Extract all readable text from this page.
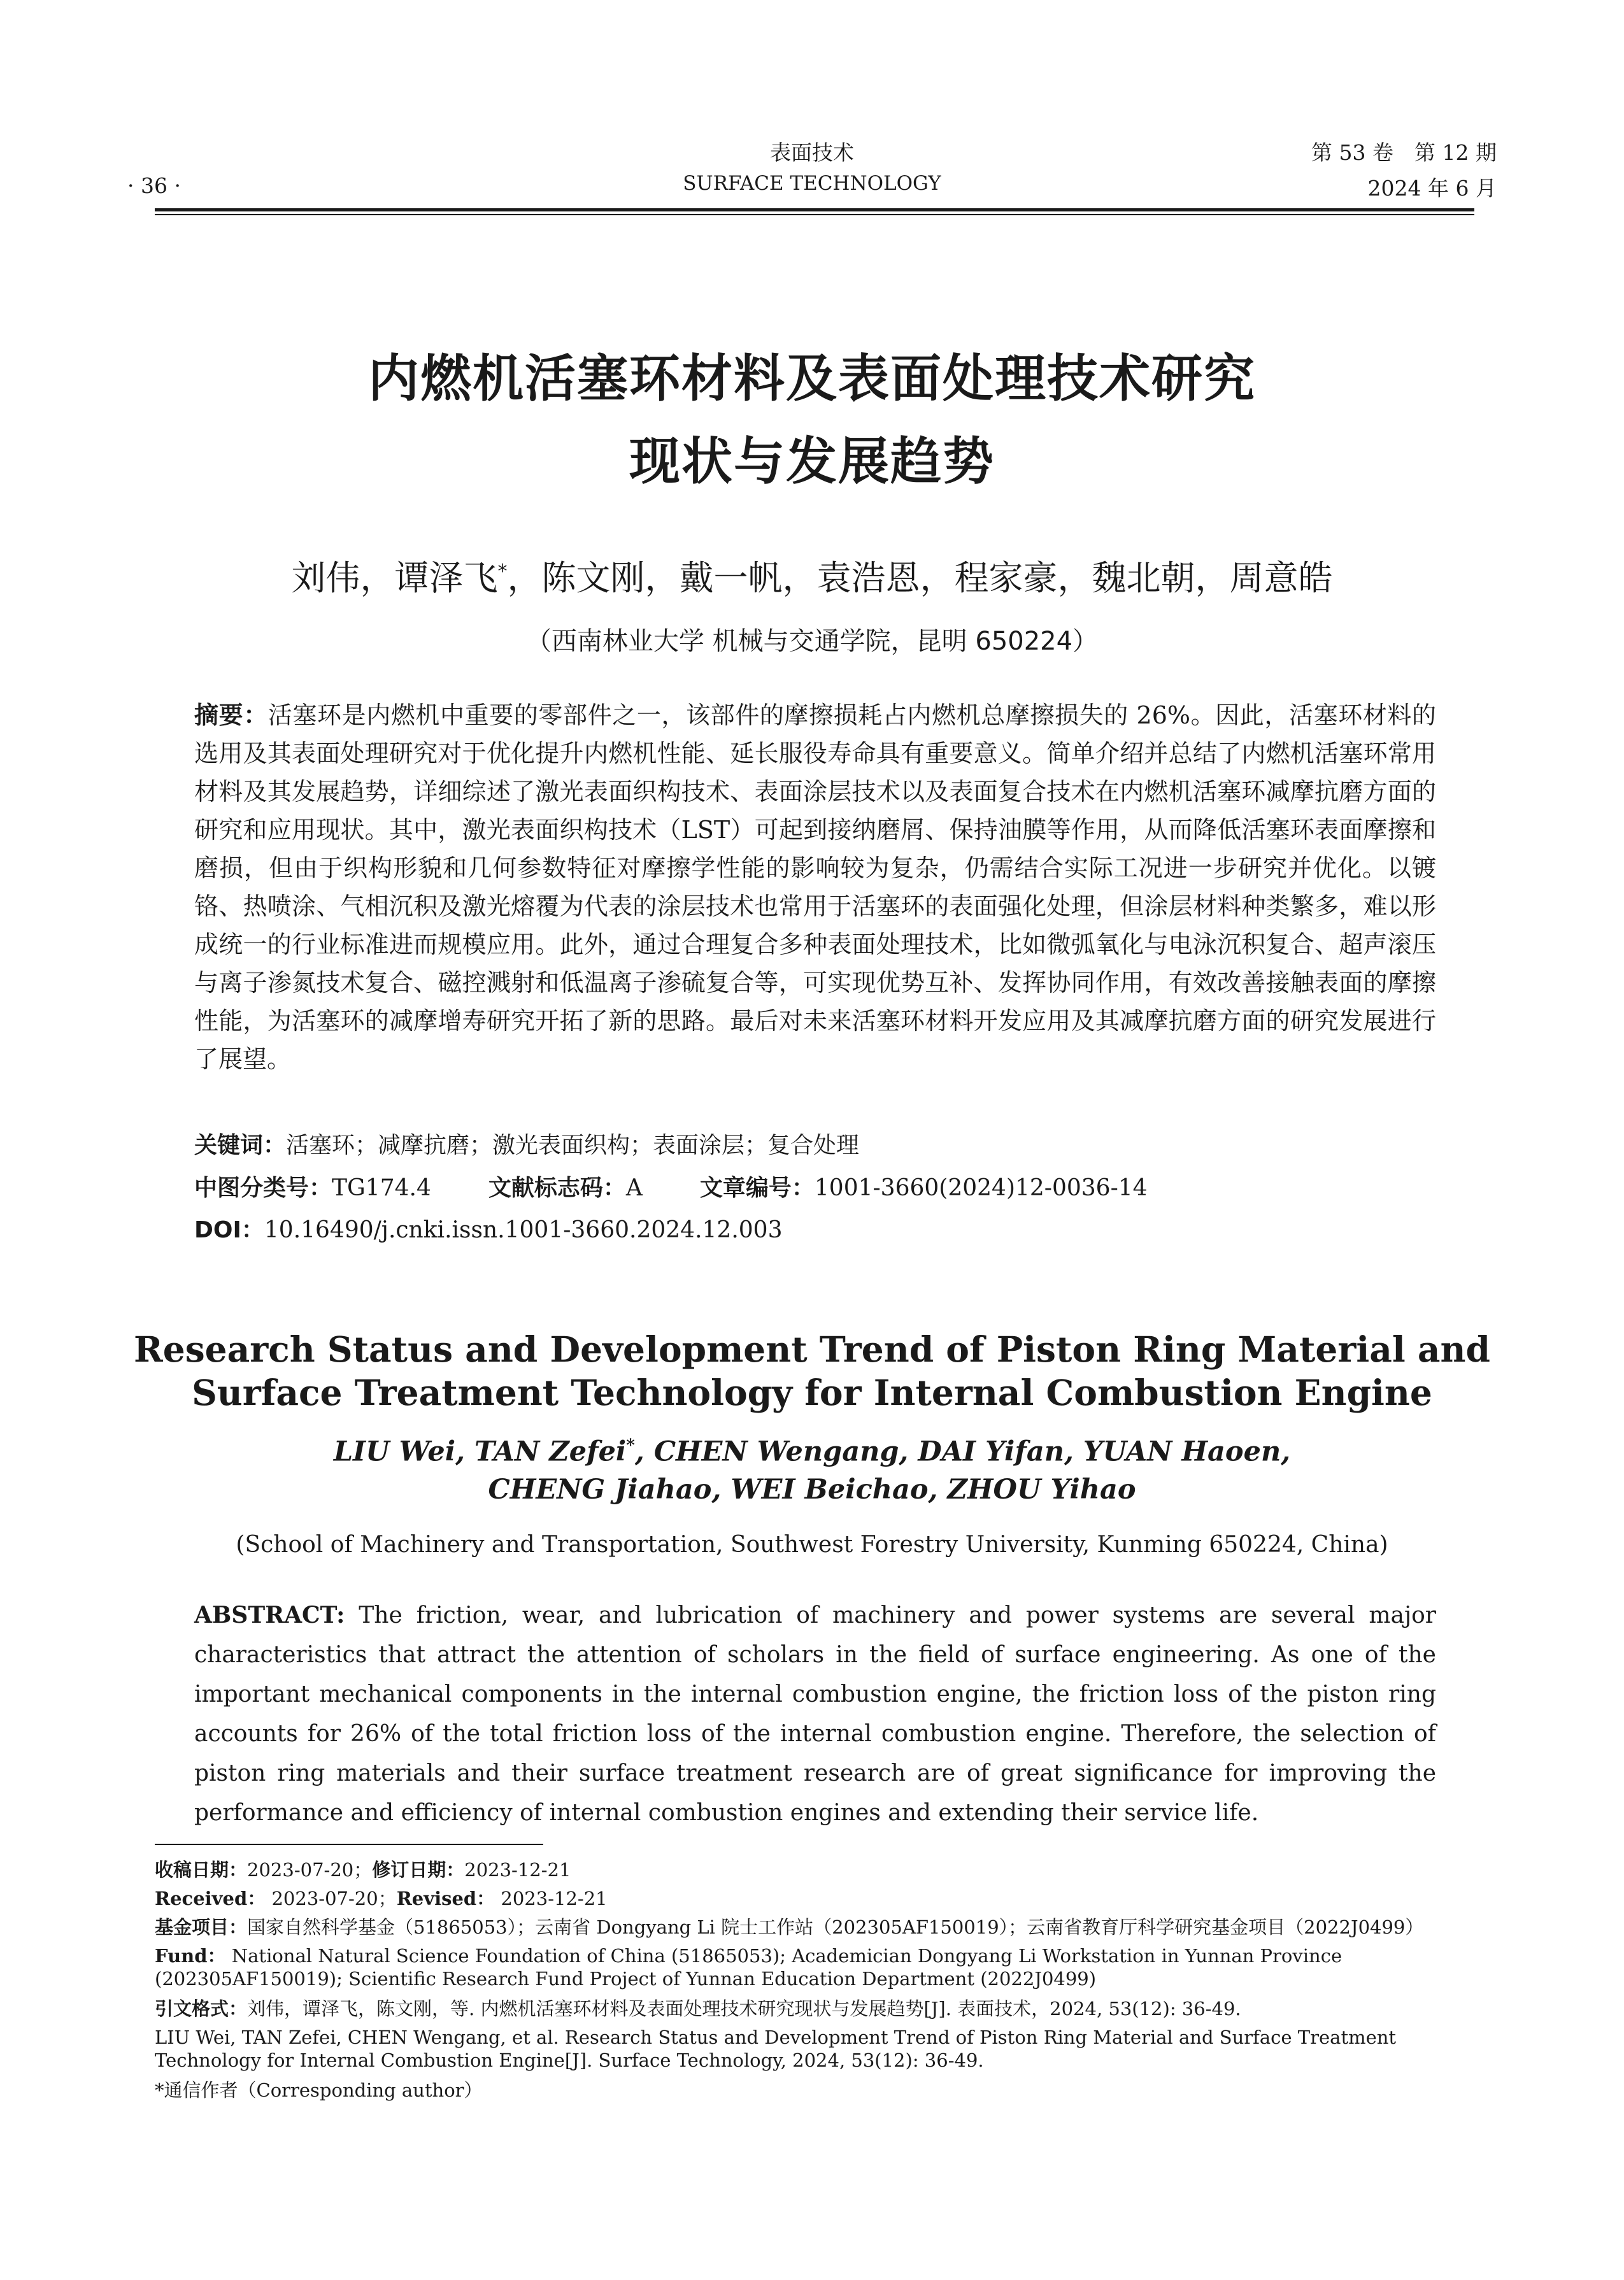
表面技术
SURFACE TECHNOLOGY
· 36 ·
第 53 卷　第 12 期
2024 年 6 月
内燃机活塞环材料及表面处理技术研究
现状与发展趋势
刘伟，谭泽飞*，陈文刚，戴一帆，袁浩恩，程家豪，魏北朝，周意皓
（西南林业大学 机械与交通学院，昆明 650224）
摘要：活塞环是内燃机中重要的零部件之一，该部件的摩擦损耗占内燃机总摩擦损失的 26%。因此，活塞环材料的选用及其表面处理研究对于优化提升内燃机性能、延长服役寿命具有重要意义。简单介绍并总结了内燃机活塞环常用材料及其发展趋势，详细综述了激光表面织构技术、表面涂层技术以及表面复合技术在内燃机活塞环减摩抗磨方面的研究和应用现状。其中，激光表面织构技术（LST）可起到接纳磨屑、保持油膜等作用，从而降低活塞环表面摩擦和磨损，但由于织构形貌和几何参数特征对摩擦学性能的影响较为复杂，仍需结合实际工况进一步研究并优化。以镀铬、热喷涂、气相沉积及激光熔覆为代表的涂层技术也常用于活塞环的表面强化处理，但涂层材料种类繁多，难以形成统一的行业标准进而规模应用。此外，通过合理复合多种表面处理技术，比如微弧氧化与电泳沉积复合、超声滚压与离子渗氮技术复合、磁控溅射和低温离子渗硫复合等，可实现优势互补、发挥协同作用，有效改善接触表面的摩擦性能，为活塞环的减摩增寿研究开拓了新的思路。最后对未来活塞环材料开发应用及其减摩抗磨方面的研究发展进行了展望。
关键词：活塞环；减摩抗磨；激光表面织构；表面涂层；复合处理
中图分类号：TG174.4	文献标志码：A	文章编号：1001-3660(2024)12-0036-14
DOI：10.16490/j.cnki.issn.1001-3660.2024.12.003
Research Status and Development Trend of Piston Ring Material and
Surface Treatment Technology for Internal Combustion Engine
LIU Wei, TAN Zefei*, CHEN Wengang, DAI Yifan, YUAN Haoen,
CHENG Jiahao, WEI Beichao, ZHOU Yihao
(School of Machinery and Transportation, Southwest Forestry University, Kunming 650224, China)
ABSTRACT: The friction, wear, and lubrication of machinery and power systems are several major characteristics that attract the attention of scholars in the field of surface engineering. As one of the important mechanical components in the internal combustion engine, the friction loss of the piston ring accounts for 26% of the total friction loss of the internal combustion engine. Therefore, the selection of piston ring materials and their surface treatment research are of great significance for improving the performance and efficiency of internal combustion engines and extending their service life.
收稿日期：2023-07-20；修订日期：2023-12-21
Received： 2023-07-20；Revised： 2023-12-21
基金项目：国家自然科学基金（51865053）；云南省 Dongyang Li 院士工作站（202305AF150019）；云南省教育厅科学研究基金项目（2022J0499）
Fund： National Natural Science Foundation of China (51865053); Academician Dongyang Li Workstation in Yunnan Province (202305AF150019); Scientific Research Fund Project of Yunnan Education Department (2022J0499)
引文格式：刘伟，谭泽飞，陈文刚，等. 内燃机活塞环材料及表面处理技术研究现状与发展趋势[J]. 表面技术，2024, 53(12): 36-49.
LIU Wei, TAN Zefei, CHEN Wengang, et al. Research Status and Development Trend of Piston Ring Material and Surface Treatment Technology for Internal Combustion Engine[J]. Surface Technology, 2024, 53(12): 36-49.
*通信作者（Corresponding author）
